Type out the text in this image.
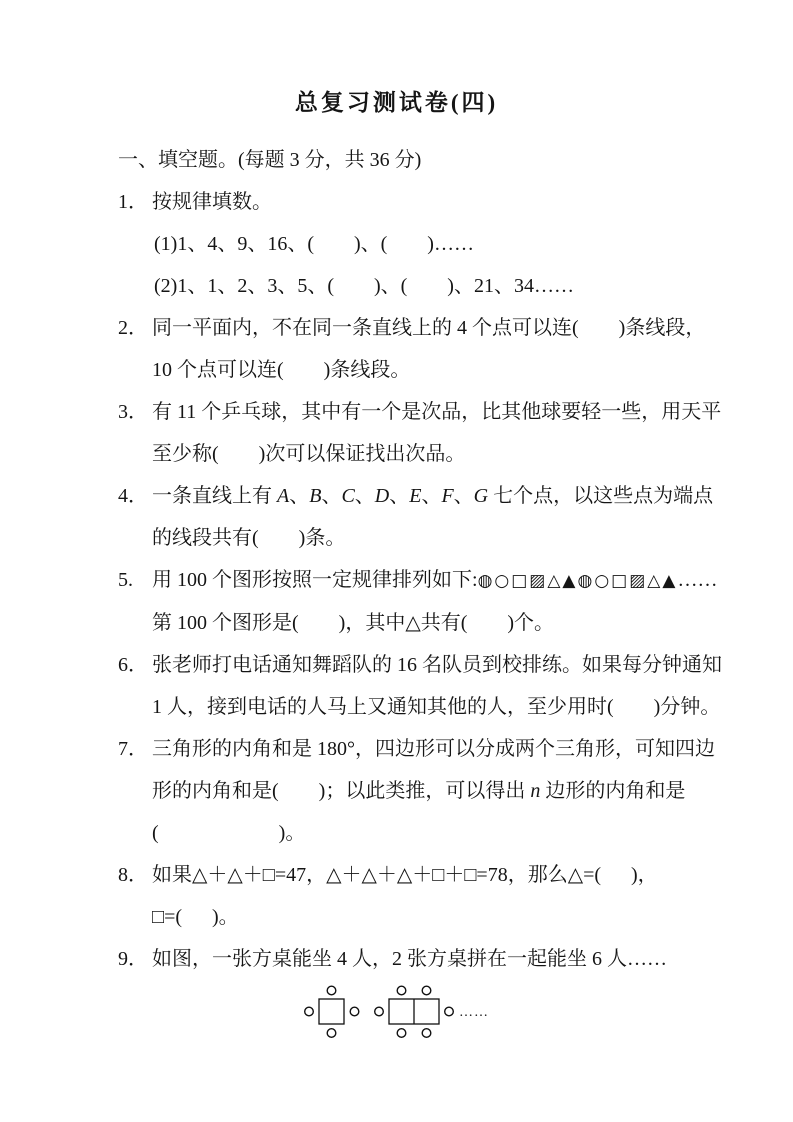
总复习测试卷(四)
一、填空题。(每题 3 分，共 36 分)
1． 按规律填数。
(1)1、4、9、16、(        )、(        )……
(2)1、1、2、3、5、(        )、(        )、21、34……
2． 同一平面内，不在同一条直线上的 4 个点可以连(        )条线段，
10 个点可以连(        )条线段。
3． 有 11 个乒乓球，其中有一个是次品，比其他球要轻一些，用天平
至少称(        )次可以保证找出次品。
4． 一条直线上有 A、B、C、D、E、F、G 七个点，以这些点为端点
的线段共有(        )条。
5. 用 100 个图形按照一定规律排列如下:◍○□▨△▲◍○□▨△▲……
第 100 个图形是(        )，其中△共有(        )个。
6． 张老师打电话通知舞蹈队的 16 名队员到校排练。如果每分钟通知
1 人，接到电话的人马上又通知其他的人，至少用时(        )分钟。
7． 三角形的内角和是 180°，四边形可以分成两个三角形，可知四边
形的内角和是(        )；以此类推，可以得出 n 边形的内角和是
(                        )。
8． 如果△＋△＋□=47，△＋△＋△＋□＋□=78，那么△=(      )，
□=(      )。
9． 如图，一张方桌能坐 4 人，2 张方桌拼在一起能坐 6 人……
……
